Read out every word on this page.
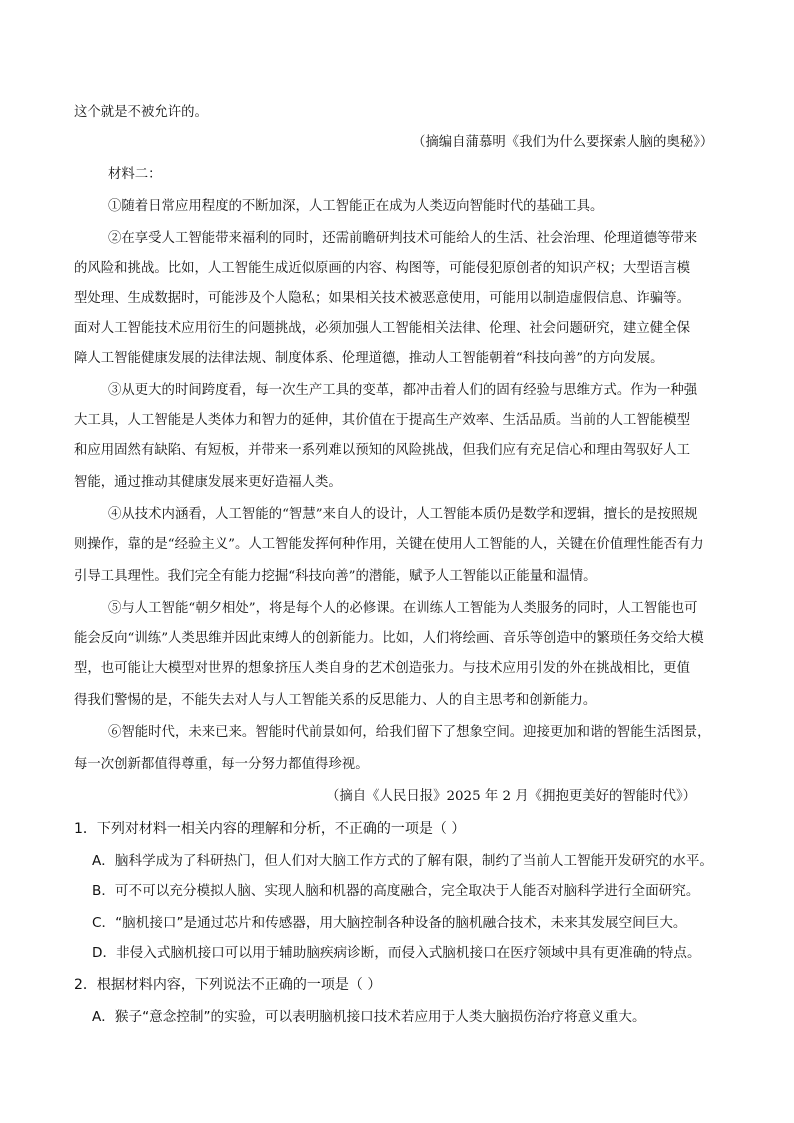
这个就是不被允许的。
（摘编自蒲慕明《我们为什么要探索人脑的奥秘》）
材料二：
①随着日常应用程度的不断加深，人工智能正在成为人类迈向智能时代的基础工具。
②在享受人工智能带来福利的同时，还需前瞻研判技术可能给人的生活、社会治理、伦理道德等带来
的风险和挑战。比如，人工智能生成近似原画的内容、构图等，可能侵犯原创者的知识产权；大型语言模
型处理、生成数据时，可能涉及个人隐私；如果相关技术被恶意使用，可能用以制造虚假信息、诈骗等。
面对人工智能技术应用衍生的问题挑战，必须加强人工智能相关法律、伦理、社会问题研究，建立健全保
障人工智能健康发展的法律法规、制度体系、伦理道德，推动人工智能朝着“科技向善”的方向发展。
③从更大的时间跨度看，每一次生产工具的变革，都冲击着人们的固有经验与思维方式。作为一种强
大工具，人工智能是人类体力和智力的延伸，其价值在于提高生产效率、生活品质。当前的人工智能模型
和应用固然有缺陷、有短板，并带来一系列难以预知的风险挑战，但我们应有充足信心和理由驾驭好人工
智能，通过推动其健康发展来更好造福人类。
④从技术内涵看，人工智能的“智慧”来自人的设计，人工智能本质仍是数学和逻辑，擅长的是按照规
则操作，靠的是“经验主义”。人工智能发挥何种作用，关键在使用人工智能的人，关键在价值理性能否有力
引导工具理性。我们完全有能力挖掘“科技向善”的潜能，赋予人工智能以正能量和温情。
⑤与人工智能“朝夕相处”，将是每个人的必修课。在训练人工智能为人类服务的同时，人工智能也可
能会反向“训练”人类思维并因此束缚人的创新能力。比如，人们将绘画、音乐等创造中的繁琐任务交给大模
型，也可能让大模型对世界的想象挤压人类自身的艺术创造张力。与技术应用引发的外在挑战相比，更值
得我们警惕的是，不能失去对人与人工智能关系的反思能力、人的自主思考和创新能力。
⑥智能时代，未来已来。智能时代前景如何，给我们留下了想象空间。迎接更加和谐的智能生活图景，
每一次创新都值得尊重，每一分努力都值得珍视。
（摘自《人民日报》2025 年 2 月《拥抱更美好的智能时代》）
1．下列对材料一相关内容的理解和分析，不正确的一项是（ ）
A．脑科学成为了科研热门，但人们对大脑工作方式的了解有限，制约了当前人工智能开发研究的水平。
B．可不可以充分模拟人脑、实现人脑和机器的高度融合，完全取决于人能否对脑科学进行全面研究。
C．“脑机接口”是通过芯片和传感器，用大脑控制各种设备的脑机融合技术，未来其发展空间巨大。
D．非侵入式脑机接口可以用于辅助脑疾病诊断，而侵入式脑机接口在医疗领域中具有更准确的特点。
2．根据材料内容，下列说法不正确的一项是（ ）
A．猴子“意念控制”的实验，可以表明脑机接口技术若应用于人类大脑损伤治疗将意义重大。
